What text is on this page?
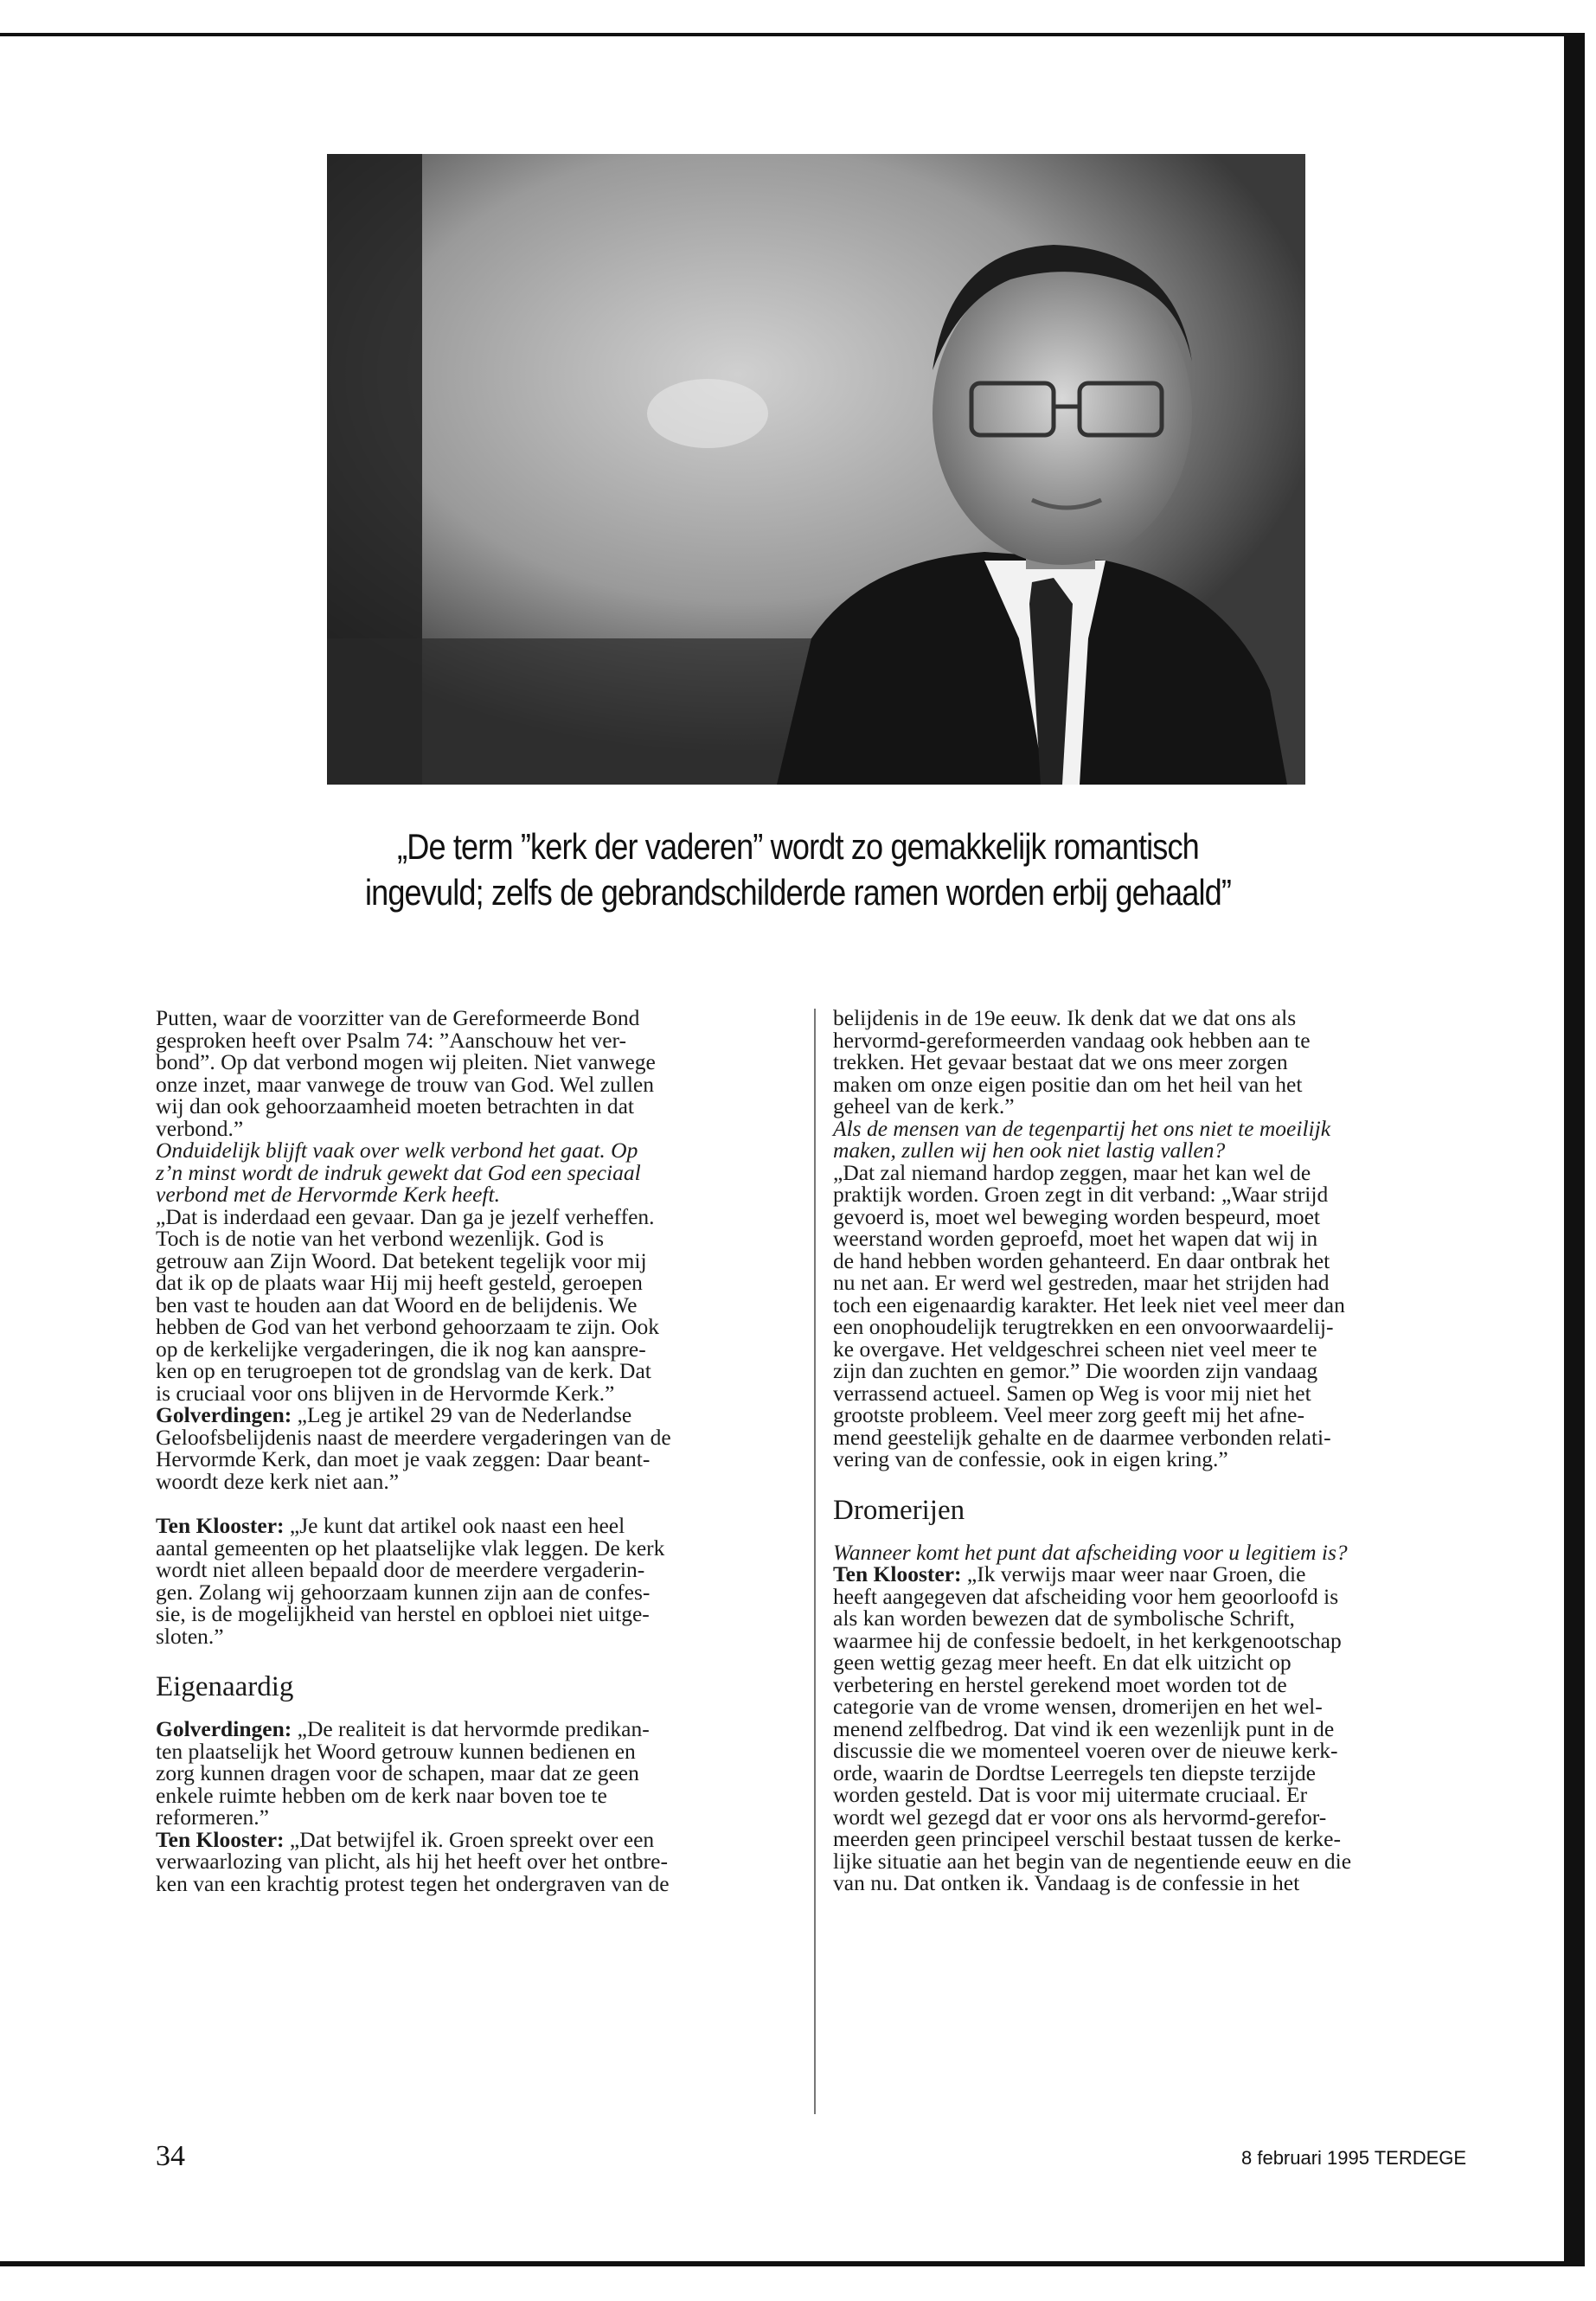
„De term ”kerk der vaderen” wordt zo gemakkelijk romantisch
ingevuld; zelfs de gebrandschilderde ramen worden erbij gehaald”

Putten, waar de voorzitter van de Gereformeerde Bond

gesproken heeft over Psalm 74: ”Aanschouw het ver-

bond”. Op dat verbond mogen wij pleiten. Niet vanwege

onze inzet, maar vanwege de trouw van God. Wel zullen

wij dan ook gehoorzaamheid moeten betrachten in dat

verbond.”

Onduidelijk blijft vaak over welk verbond het gaat. Op

z’n minst wordt de indruk gewekt dat God een speciaal

verbond met de Hervormde Kerk heeft.

„Dat is inderdaad een gevaar. Dan ga je jezelf verheffen.

Toch is de notie van het verbond wezenlijk. God is

getrouw aan Zijn Woord. Dat betekent tegelijk voor mij

dat ik op de plaats waar Hij mij heeft gesteld, geroepen

ben vast te houden aan dat Woord en de belijdenis. We

hebben de God van het verbond gehoorzaam te zijn. Ook

op de kerkelijke vergaderingen, die ik nog kan aanspre-

ken op en terugroepen tot de grondslag van de kerk. Dat

is cruciaal voor ons blijven in de Hervormde Kerk.”

Golverdingen: „Leg je artikel 29 van de Nederlandse

Geloofsbelijdenis naast de meerdere vergaderingen van de

Hervormde Kerk, dan moet je vaak zeggen: Daar beant-

woordt deze kerk niet aan.”

Ten Klooster: „Je kunt dat artikel ook naast een heel

aantal gemeenten op het plaatselijke vlak leggen. De kerk

wordt niet alleen bepaald door de meerdere vergaderin-

gen. Zolang wij gehoorzaam kunnen zijn aan de confes-

sie, is de mogelijkheid van herstel en opbloei niet uitge-

sloten.”

Eigenaardig

Golverdingen: „De realiteit is dat hervormde predikan-

ten plaatselijk het Woord getrouw kunnen bedienen en

zorg kunnen dragen voor de schapen, maar dat ze geen

enkele ruimte hebben om de kerk naar boven toe te

reformeren.”

Ten Klooster: „Dat betwijfel ik. Groen spreekt over een

verwaarlozing van plicht, als hij het heeft over het ontbre-

ken van een krachtig protest tegen het ondergraven van de

belijdenis in de 19e eeuw. Ik denk dat we dat ons als

hervormd-gereformeerden vandaag ook hebben aan te

trekken. Het gevaar bestaat dat we ons meer zorgen

maken om onze eigen positie dan om het heil van het

geheel van de kerk.”

Als de mensen van de tegenpartij het ons niet te moeilijk

maken, zullen wij hen ook niet lastig vallen?

„Dat zal niemand hardop zeggen, maar het kan wel de

praktijk worden. Groen zegt in dit verband: „Waar strijd

gevoerd is, moet wel beweging worden bespeurd, moet

weerstand worden geproefd, moet het wapen dat wij in

de hand hebben worden gehanteerd. En daar ontbrak het

nu net aan. Er werd wel gestreden, maar het strijden had

toch een eigenaardig karakter. Het leek niet veel meer dan

een onophoudelijk terugtrekken en een onvoorwaardelij-

ke overgave. Het veldgeschrei scheen niet veel meer te

zijn dan zuchten en gemor.” Die woorden zijn vandaag

verrassend actueel. Samen op Weg is voor mij niet het

grootste probleem. Veel meer zorg geeft mij het afne-

mend geestelijk gehalte en de daarmee verbonden relati-

vering van de confessie, ook in eigen kring.”

Dromerijen

Wanneer komt het punt dat afscheiding voor u legitiem is?

Ten Klooster: „Ik verwijs maar weer naar Groen, die

heeft aangegeven dat afscheiding voor hem geoorloofd is

als kan worden bewezen dat de symbolische Schrift,

waarmee hij de confessie bedoelt, in het kerkgenootschap

geen wettig gezag meer heeft. En dat elk uitzicht op

verbetering en herstel gerekend moet worden tot de

categorie van de vrome wensen, dromerijen en het wel-

menend zelfbedrog. Dat vind ik een wezenlijk punt in de

discussie die we momenteel voeren over de nieuwe kerk-

orde, waarin de Dordtse Leerregels ten diepste terzijde

worden gesteld. Dat is voor mij uitermate cruciaal. Er

wordt wel gezegd dat er voor ons als hervormd-gerefor-

meerden geen principeel verschil bestaat tussen de kerke-

lijke situatie aan het begin van de negentiende eeuw en die

van nu. Dat ontken ik. Vandaag is de confessie in het

34	8 februari 1995 TERDEGE
